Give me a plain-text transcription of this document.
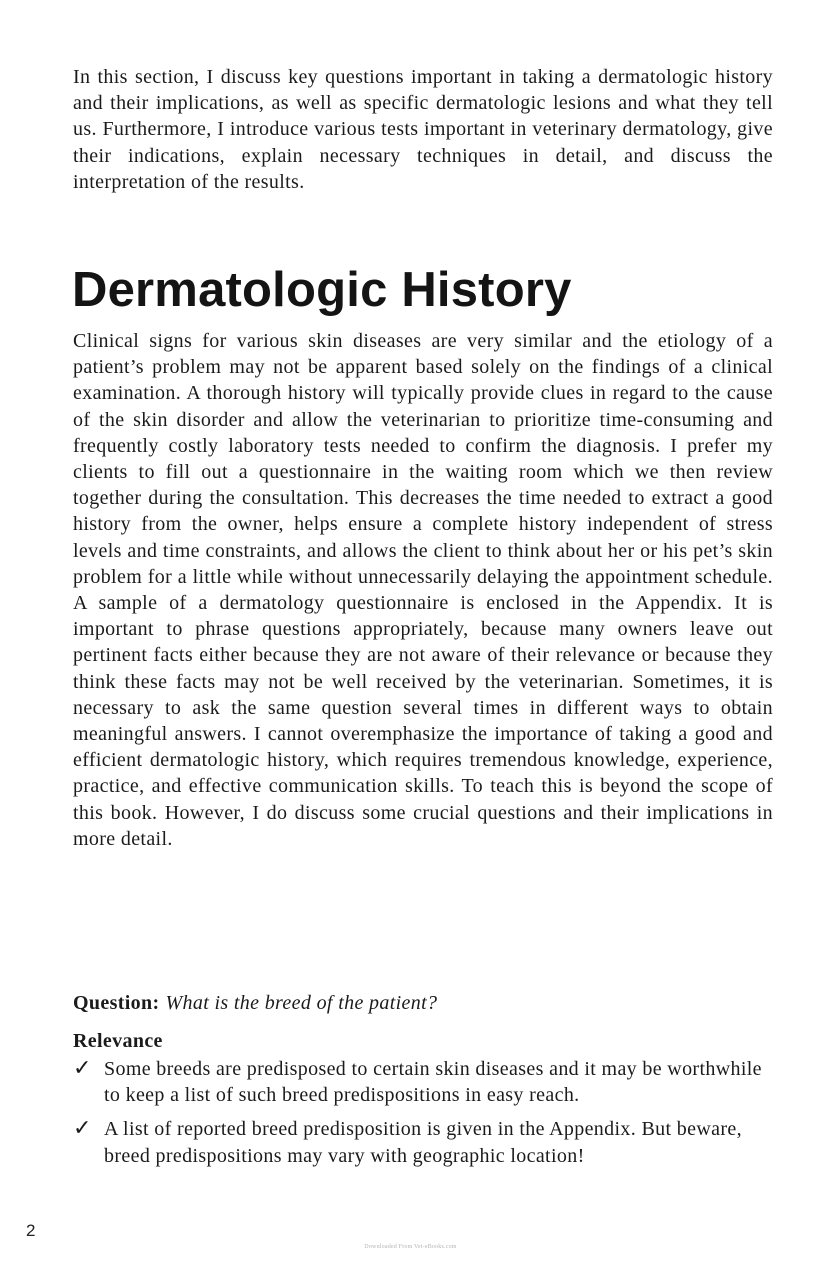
In this section, I discuss key questions important in taking a dermatologic history and their implications, as well as specific dermatologic lesions and what they tell us. Furthermore, I introduce various tests important in veterinary dermatology, give their indications, explain necessary techniques in detail, and discuss the interpretation of the results.

Dermatologic History

Clinical signs for various skin diseases are very similar and the etiology of a patient’s problem may not be apparent based solely on the findings of a clinical examination. A thorough history will typically provide clues in regard to the cause of the skin disorder and allow the veterinarian to prioritize time-consuming and frequently costly laboratory tests needed to confirm the diagnosis. I prefer my clients to fill out a questionnaire in the waiting room which we then review together during the consultation. This decreases the time needed to extract a good history from the owner, helps ensure a complete history independent of stress levels and time constraints, and allows the client to think about her or his pet’s skin problem for a little while without unnecessarily delaying the appointment schedule. A sample of a dermatology questionnaire is enclosed in the Appendix. It is important to phrase questions appropriately, because many owners leave out pertinent facts either because they are not aware of their relevance or because they think these facts may not be well received by the veterinarian. Sometimes, it is necessary to ask the same question several times in different ways to obtain meaningful answers. I cannot overemphasize the importance of taking a good and efficient dermatologic history, which requires tremendous knowledge, experience, practice, and effective communication skills. To teach this is beyond the scope of this book. However, I do discuss some crucial questions and their implications in more detail.

Question: What is the breed of the patient?
Relevance
✓ Some breeds are predisposed to certain skin diseases and it may be worthwhile to keep a list of such breed predispositions in easy reach.
✓ A list of reported breed predisposition is given in the Appendix. But beware, breed predispositions may vary with geographic location!
2
Downloaded From Vet-eBooks.com
